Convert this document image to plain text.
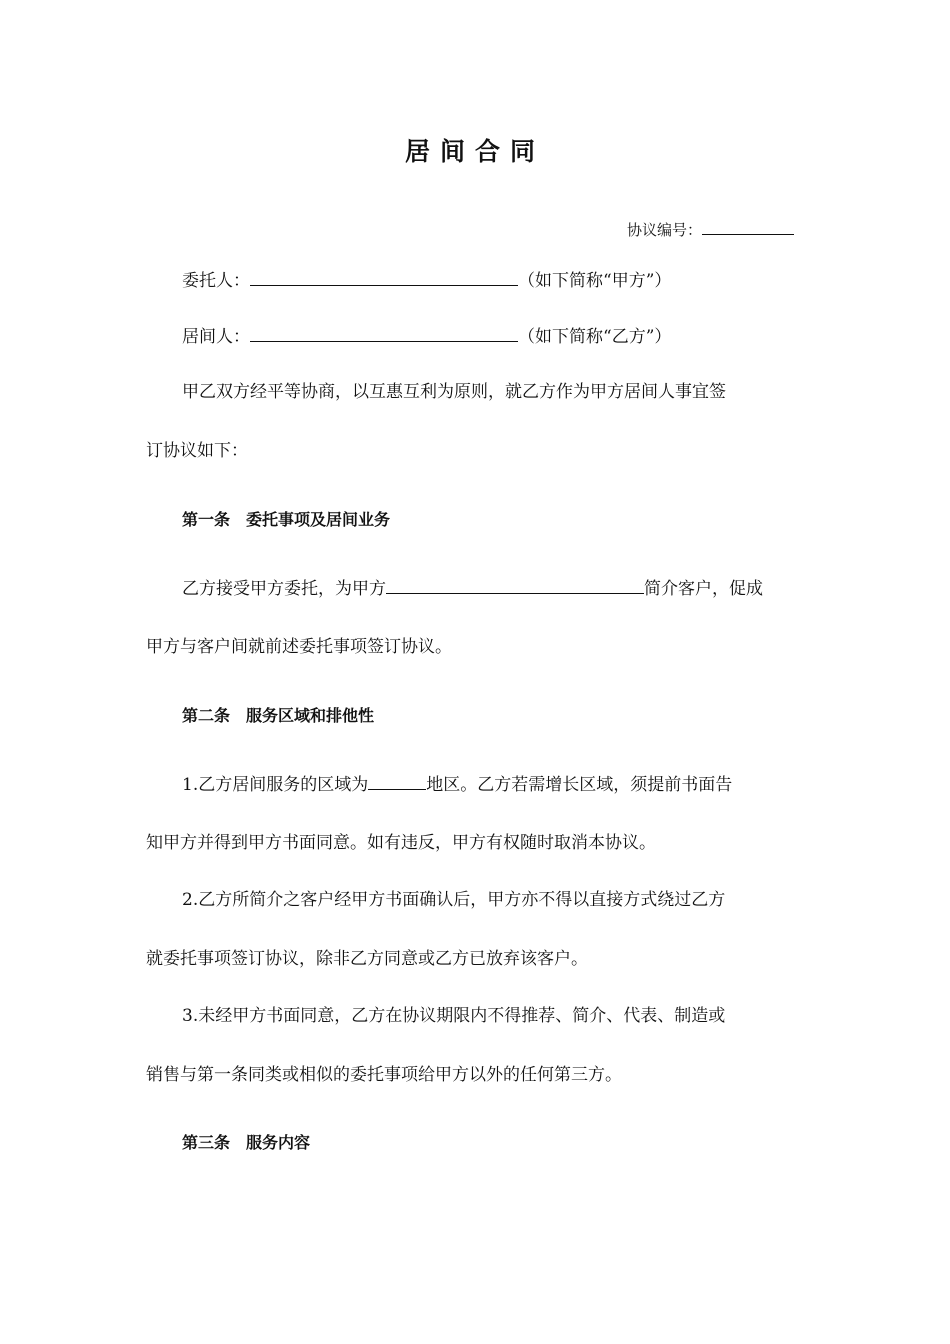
居间合同
协议编号：
委托人：	（如下简称“甲方”）
居间人：	（如下简称“乙方”）
甲乙双方经平等协商，以互惠互利为原则，就乙方作为甲方居间人事宜签
订协议如下：
第一条　委托事项及居间业务
乙方接受甲方委托，为甲方	简介客户，促成
甲方与客户间就前述委托事项签订协议。
第二条　服务区域和排他性
1.乙方居间服务的区域为	地区。乙方若需增长区域，须提前书面告
知甲方并得到甲方书面同意。如有违反，甲方有权随时取消本协议。
2.乙方所简介之客户经甲方书面确认后，甲方亦不得以直接方式绕过乙方
就委托事项签订协议，除非乙方同意或乙方已放弃该客户。
3.未经甲方书面同意，乙方在协议期限内不得推荐、简介、代表、制造或
销售与第一条同类或相似的委托事项给甲方以外的任何第三方。
第三条　服务内容
